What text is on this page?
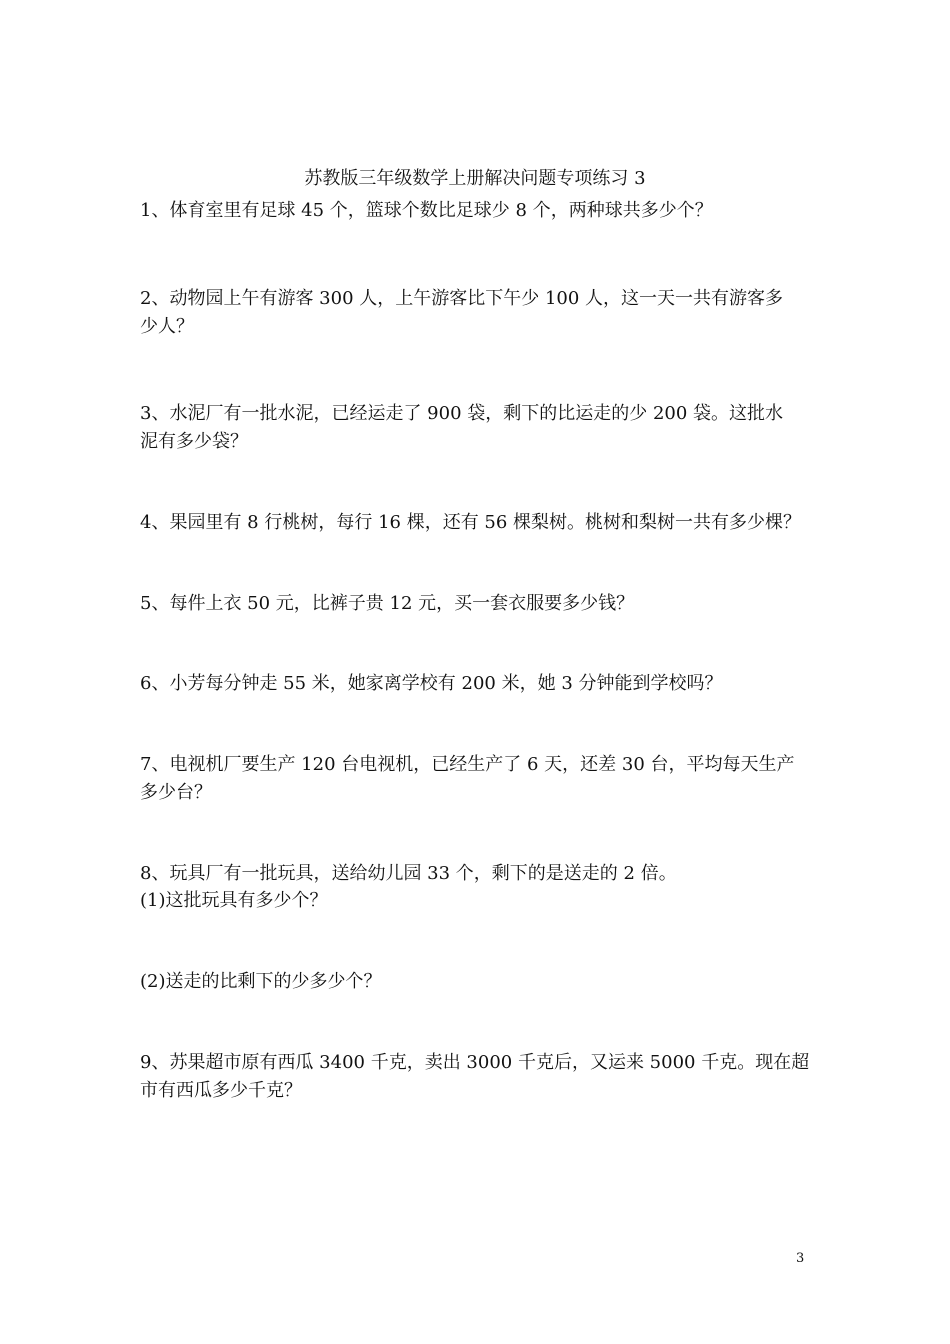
苏教版三年级数学上册解决问题专项练习 3
1、体育室里有足球 45 个，篮球个数比足球少 8 个，两种球共多少个？
2、动物园上午有游客 300 人，上午游客比下午少 100 人，这一天一共有游客多
少人？
3、水泥厂有一批水泥，已经运走了 900 袋，剩下的比运走的少 200 袋。这批水
泥有多少袋？
4、果园里有 8 行桃树，每行 16 棵，还有 56 棵梨树。桃树和梨树一共有多少棵？
5、每件上衣 50 元，比裤子贵 12 元，买一套衣服要多少钱？
6、小芳每分钟走 55 米，她家离学校有 200 米，她 3 分钟能到学校吗？
7、电视机厂要生产 120 台电视机，已经生产了 6 天，还差 30 台，平均每天生产
多少台？
8、玩具厂有一批玩具，送给幼儿园 33 个，剩下的是送走的 2 倍。
(1)这批玩具有多少个？
(2)送走的比剩下的少多少个？
9、苏果超市原有西瓜 3400 千克，卖出 3000 千克后，又运来 5000 千克。现在超
市有西瓜多少千克？
3
